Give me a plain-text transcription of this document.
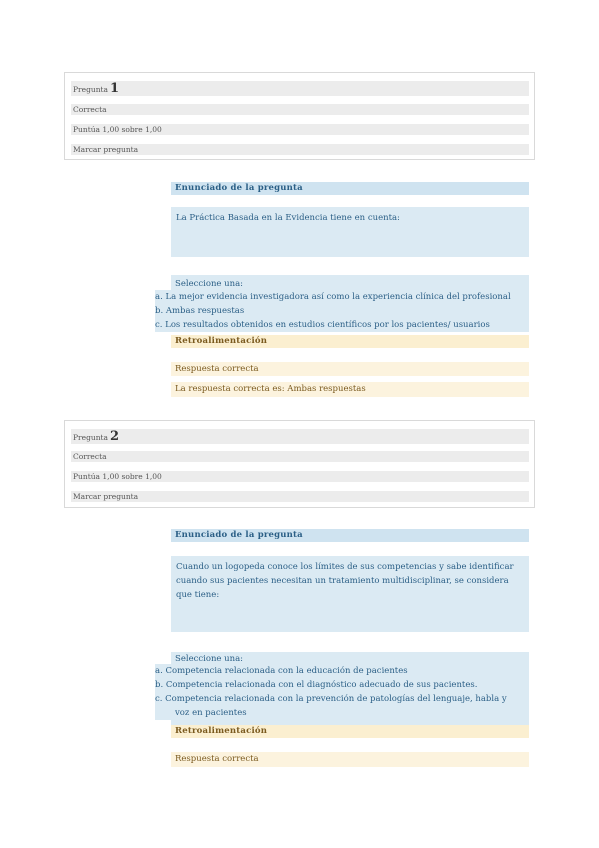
Pregunta 1
Correcta
Puntúa 1,00 sobre 1,00
Marcar pregunta
Enunciado de la pregunta
La Práctica Basada en la Evidencia tiene en cuenta:
Seleccione una:
a. La mejor evidencia investigadora así como la experiencia clínica del profesional
b. Ambas respuestas
c. Los resultados obtenidos en estudios científicos por los pacientes/ usuarios
Retroalimentación
Respuesta correcta
La respuesta correcta es: Ambas respuestas
Pregunta 2
Correcta
Puntúa 1,00 sobre 1,00
Marcar pregunta
Enunciado de la pregunta
Cuando un logopeda conoce los límites de sus competencias y sabe identificar
cuando sus pacientes necesitan un tratamiento multidisciplinar, se considera
que tiene:
Seleccione una:
a. Competencia relacionada con la educación de pacientes
b. Competencia relacionada con el diagnóstico adecuado de sus pacientes.
c. Competencia relacionada con la prevención de patologías del lenguaje, habla y
voz en pacientes
Retroalimentación
Respuesta correcta
